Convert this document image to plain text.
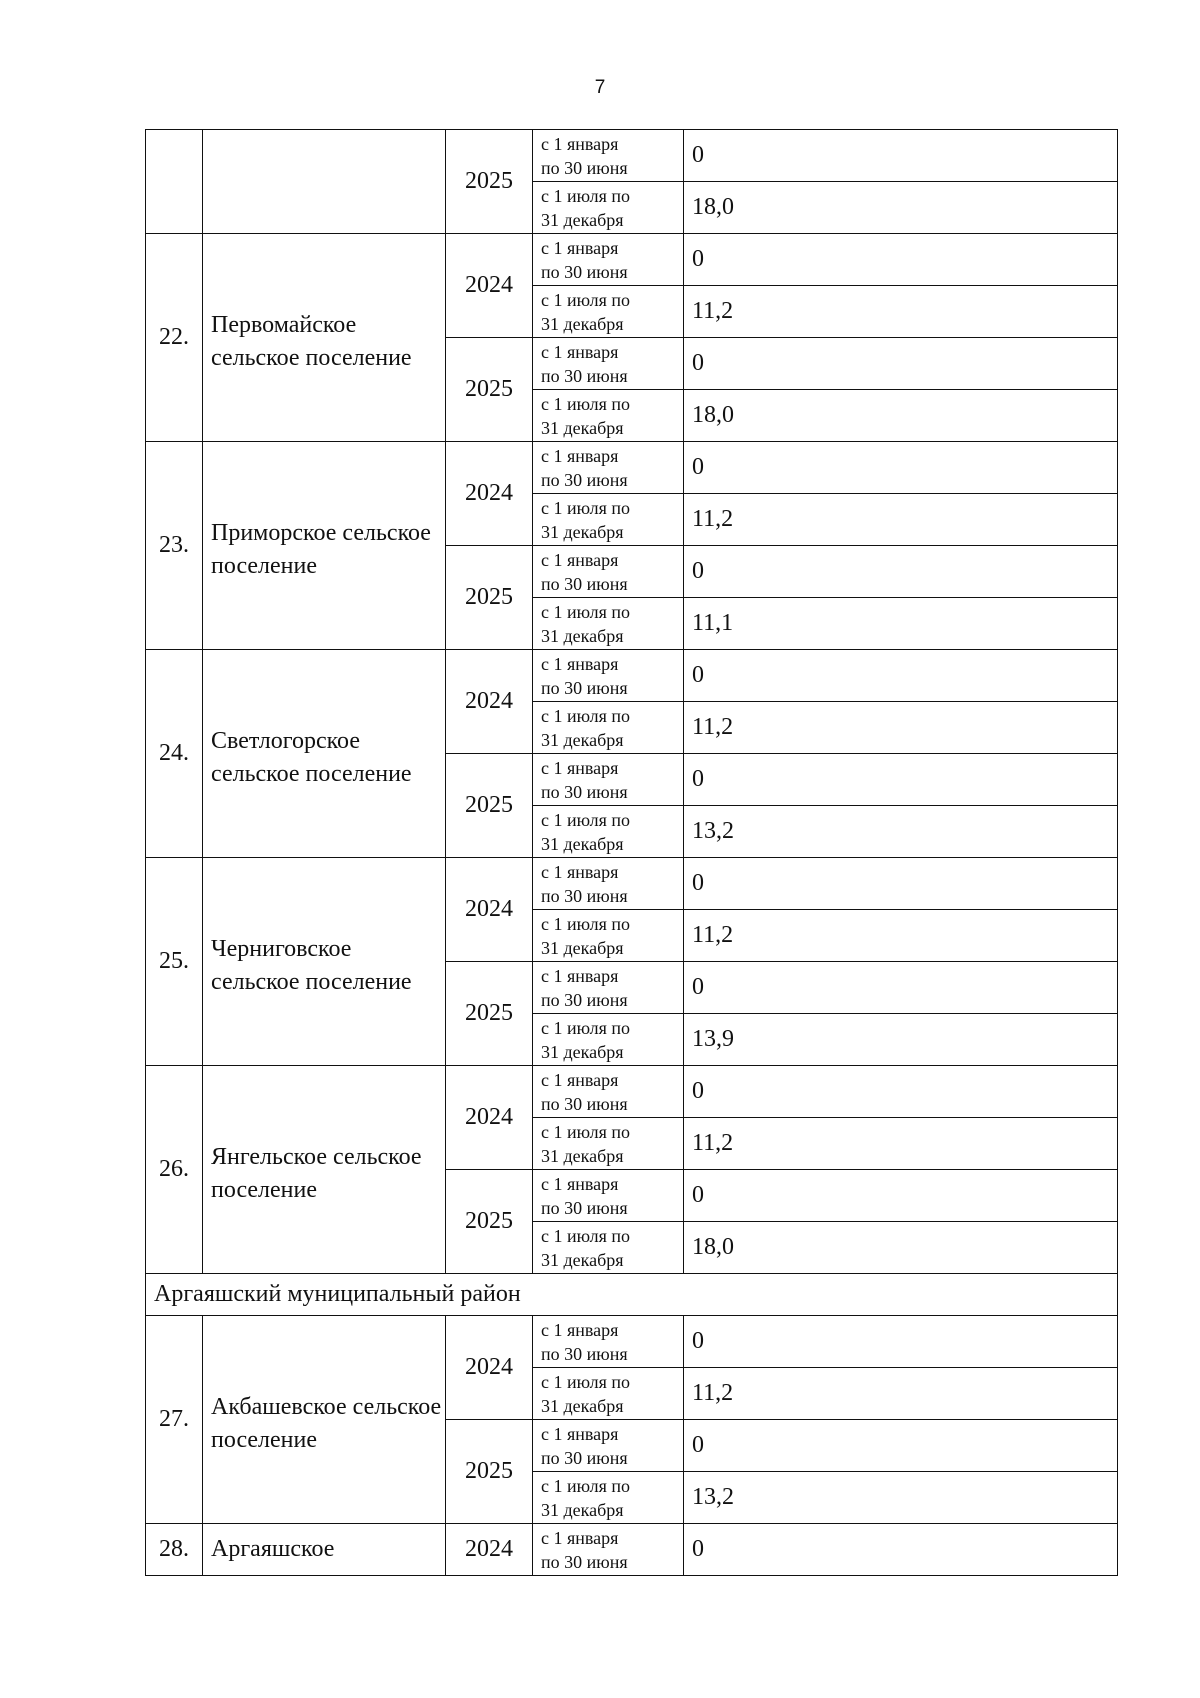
7
		2025	с 1 января
по 30 июня	0

			с 1 июля по
31 декабря	18,0
22.	Первомайское сельское поселение	2024	с 1 января
по 30 июня	0

			с 1 июля по
31 декабря	11,2
		2025	с 1 января
по 30 июня	0

			с 1 июля по
31 декабря	18,0
23.	Приморское сельское поселение	2024	с 1 января
по 30 июня	0

			с 1 июля по
31 декабря	11,2
		2025	с 1 января
по 30 июня	0

			с 1 июля по
31 декабря	11,1
24.	Светлогорское сельское поселение	2024	с 1 января
по 30 июня	0

			с 1 июля по
31 декабря	11,2
		2025	с 1 января
по 30 июня	0

			с 1 июля по
31 декабря	13,2
25.	Черниговское сельское поселение	2024	с 1 января
по 30 июня	0

			с 1 июля по
31 декабря	11,2
		2025	с 1 января
по 30 июня	0

			с 1 июля по
31 декабря	13,9
26.	Янгельское сельское поселение	2024	с 1 января
по 30 июня	0

			с 1 июля по
31 декабря	11,2
		2025	с 1 января
по 30 июня	0

			с 1 июля по
31 декабря	18,0
Аргаяшский муниципальный район				
27.	Акбашевское сельское поселение	2024	с 1 января
по 30 июня	0

			с 1 июля по
31 декабря	11,2
		2025	с 1 января
по 30 июня	0

			с 1 июля по
31 декабря	13,2
28.	Аргаяшское	2024	с 1 января
по 30 июня	0
